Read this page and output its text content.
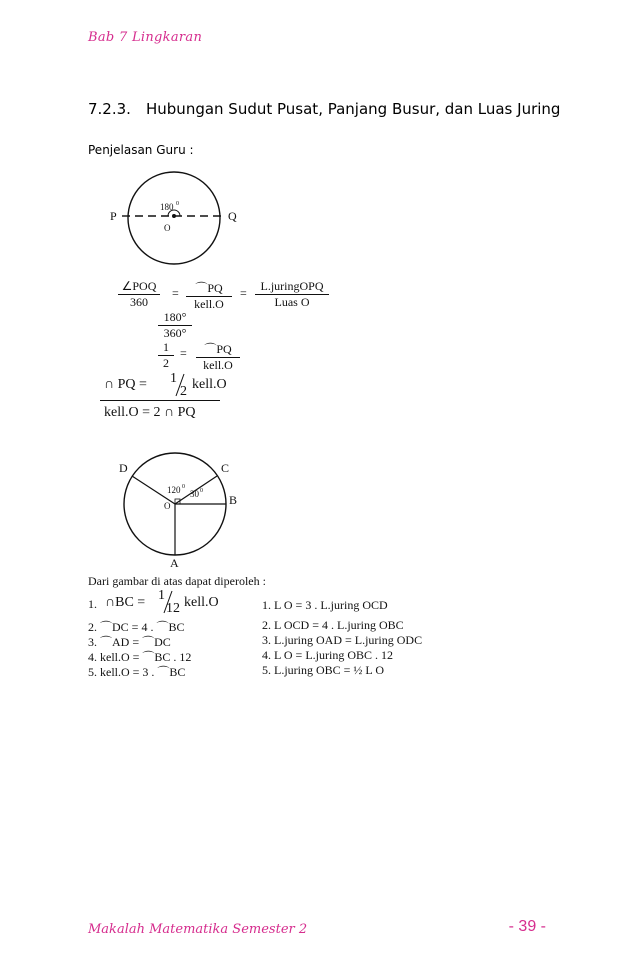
Bab 7 Lingkaran
7.2.3. Hubungan Sudut Pusat, Panjang Busur, dan Luas Juring
Penjelasan Guru :
P	Q
O
180 0
∠POQ
360
=	⌒PQ
kell.O
=	L.juringOPQ
Luas O
$\frac{180^\circ}{360^\circ}$
$\frac{1}{2}$ =	⌒PQ
kell.O
∩ PQ = 1
2 kell.O
kell.O = 2 ∩ PQ
D	C
B
A
O
120 0
30 0
Dari gambar di atas dapat diperoleh :
1. ∩BC = 1
12 kell.O
2. ⌒DC = 4 . ⌒BC
3. ⌒AD = ⌒DC
4. kell.O = ⌒BC . 12
5. kell.O = 3 . ⌒BC
1. L O = 3 . L.juring OCD
2. L OCD = 4 . L.juring OBC
3. L.juring OAD = L.juring ODC
4. L O = L.juring OBC . 12
5. L.juring OBC = ½ L O
Makalah Matematika Semester 2	- 39 -
